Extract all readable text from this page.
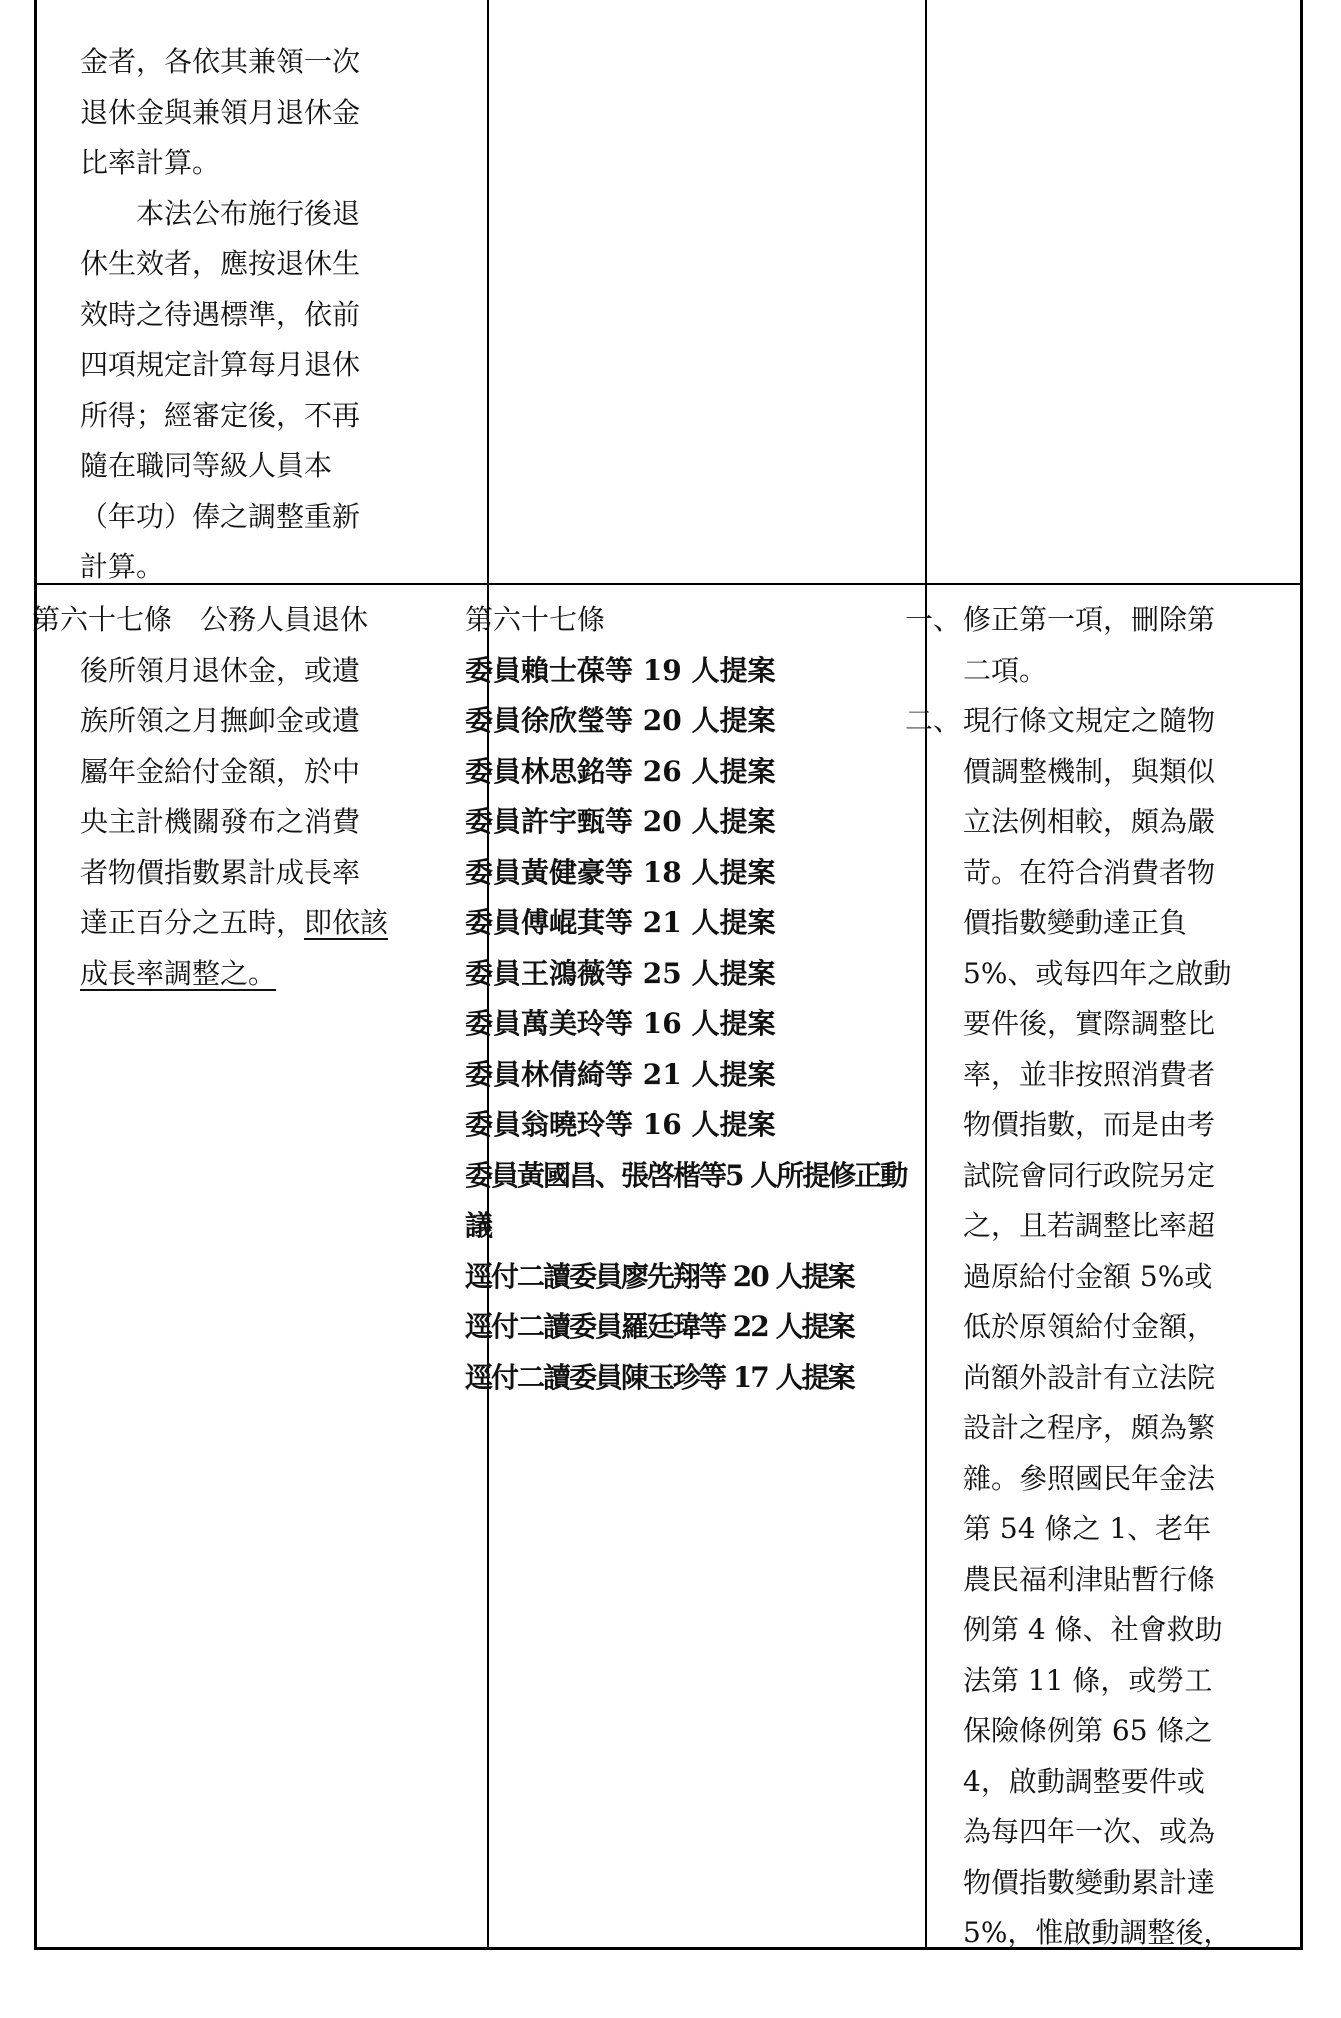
金者，各依其兼領一次
退休金與兼領月退休金
比率計算。
本法公布施行後退
休生效者，應按退休生
效時之待遇標準，依前
四項規定計算每月退休
所得；經審定後，不再
隨在職同等級人員本
（年功）俸之調整重新
計算。
第六十七條　公務人員退休
後所領月退休金，或遺
族所領之月撫卹金或遺
屬年金給付金額，於中
央主計機關發布之消費
者物價指數累計成長率
達正百分之五時，即依該
成長率調整之。
第六十七條
委員賴士葆等 19 人提案
委員徐欣瑩等 20 人提案
委員林思銘等 26 人提案
委員許宇甄等 20 人提案
委員黃健豪等 18 人提案
委員傅崐萁等 21 人提案
委員王鴻薇等 25 人提案
委員萬美玲等 16 人提案
委員林倩綺等 21 人提案
委員翁曉玲等 16 人提案
委員黃國昌、張啓楷等5 人所提修正動
議
逕付二讀委員廖先翔等 20 人提案
逕付二讀委員羅廷瑋等 22 人提案
逕付二讀委員陳玉珍等 17 人提案
一、 修正第一項，刪除第
二項。
二、 現行條文規定之隨物
價調整機制，與類似
立法例相較，頗為嚴
苛。在符合消費者物
價指數變動達正負
5%、或每四年之啟動
要件後，實際調整比
率，並非按照消費者
物價指數，而是由考
試院會同行政院另定
之，且若調整比率超
過原給付金額 5%或
低於原領給付金額，
尚額外設計有立法院
設計之程序，頗為繁
雜。參照國民年金法
第 54 條之 1、老年
農民福利津貼暫行條
例第 4 條、社會救助
法第 11 條，或勞工
保險條例第 65 條之
4，啟動調整要件或
為每四年一次、或為
物價指數變動累計達
5%，惟啟動調整後，
